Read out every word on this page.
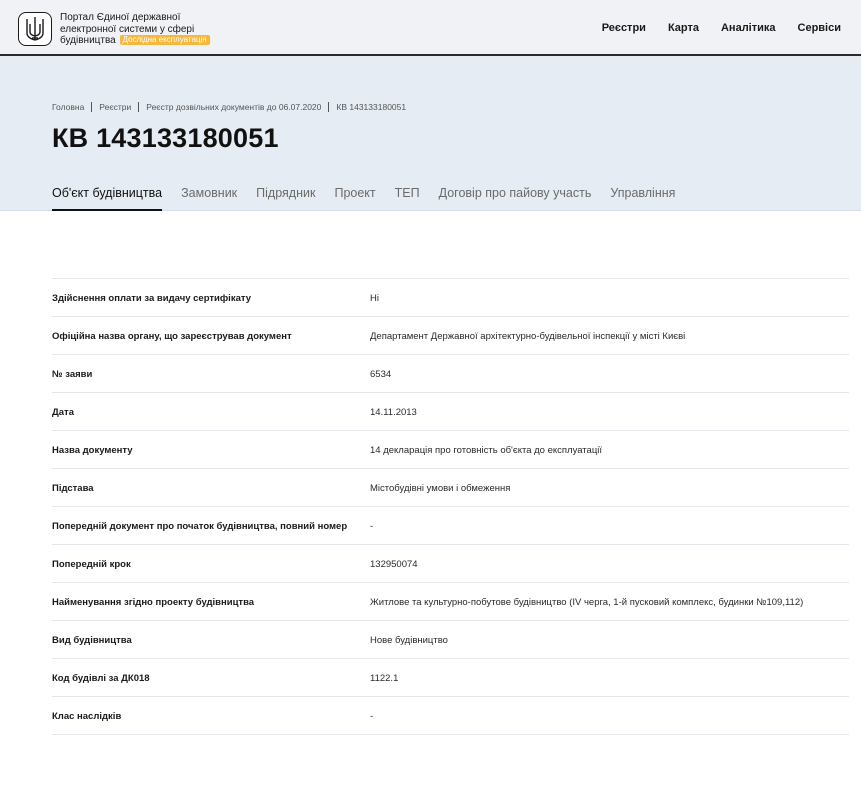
Портал Єдиної державної електронної системи у сфері будівництва Дослідна експлуатація
Реєстри Карта Аналітика Сервіси
Головна Реєстри Реєстр дозвільних документів до 06.07.2020 КВ 143133180051
КВ 143133180051
Об'єкт будівництва Замовник Підрядник Проект ТЕП Договір про пайову участь Управління
Здійснення оплати за видачу сертифікату	Ні
Офіційна назва органу, що зареєстрував документ	Департамент Державної архітектурно-будівельної інспекції у місті Києві
№ заяви	6534
Дата	14.11.2013
Назва документу	14 декларація про готовність об'єкта до експлуатації
Підстава	Містобудівні умови і обмеження
Попередній документ про початок будівництва, повний номер	-
Попередній крок	132950074
Найменування згідно проекту будівництва	Житлове та культурно-побутове будівництво (IV черга, 1-й пусковий комплекс, будинки №109,112)
Вид будівництва	Нове будівництво
Код будівлі за ДК018	1122.1
Клас наслідків	-
